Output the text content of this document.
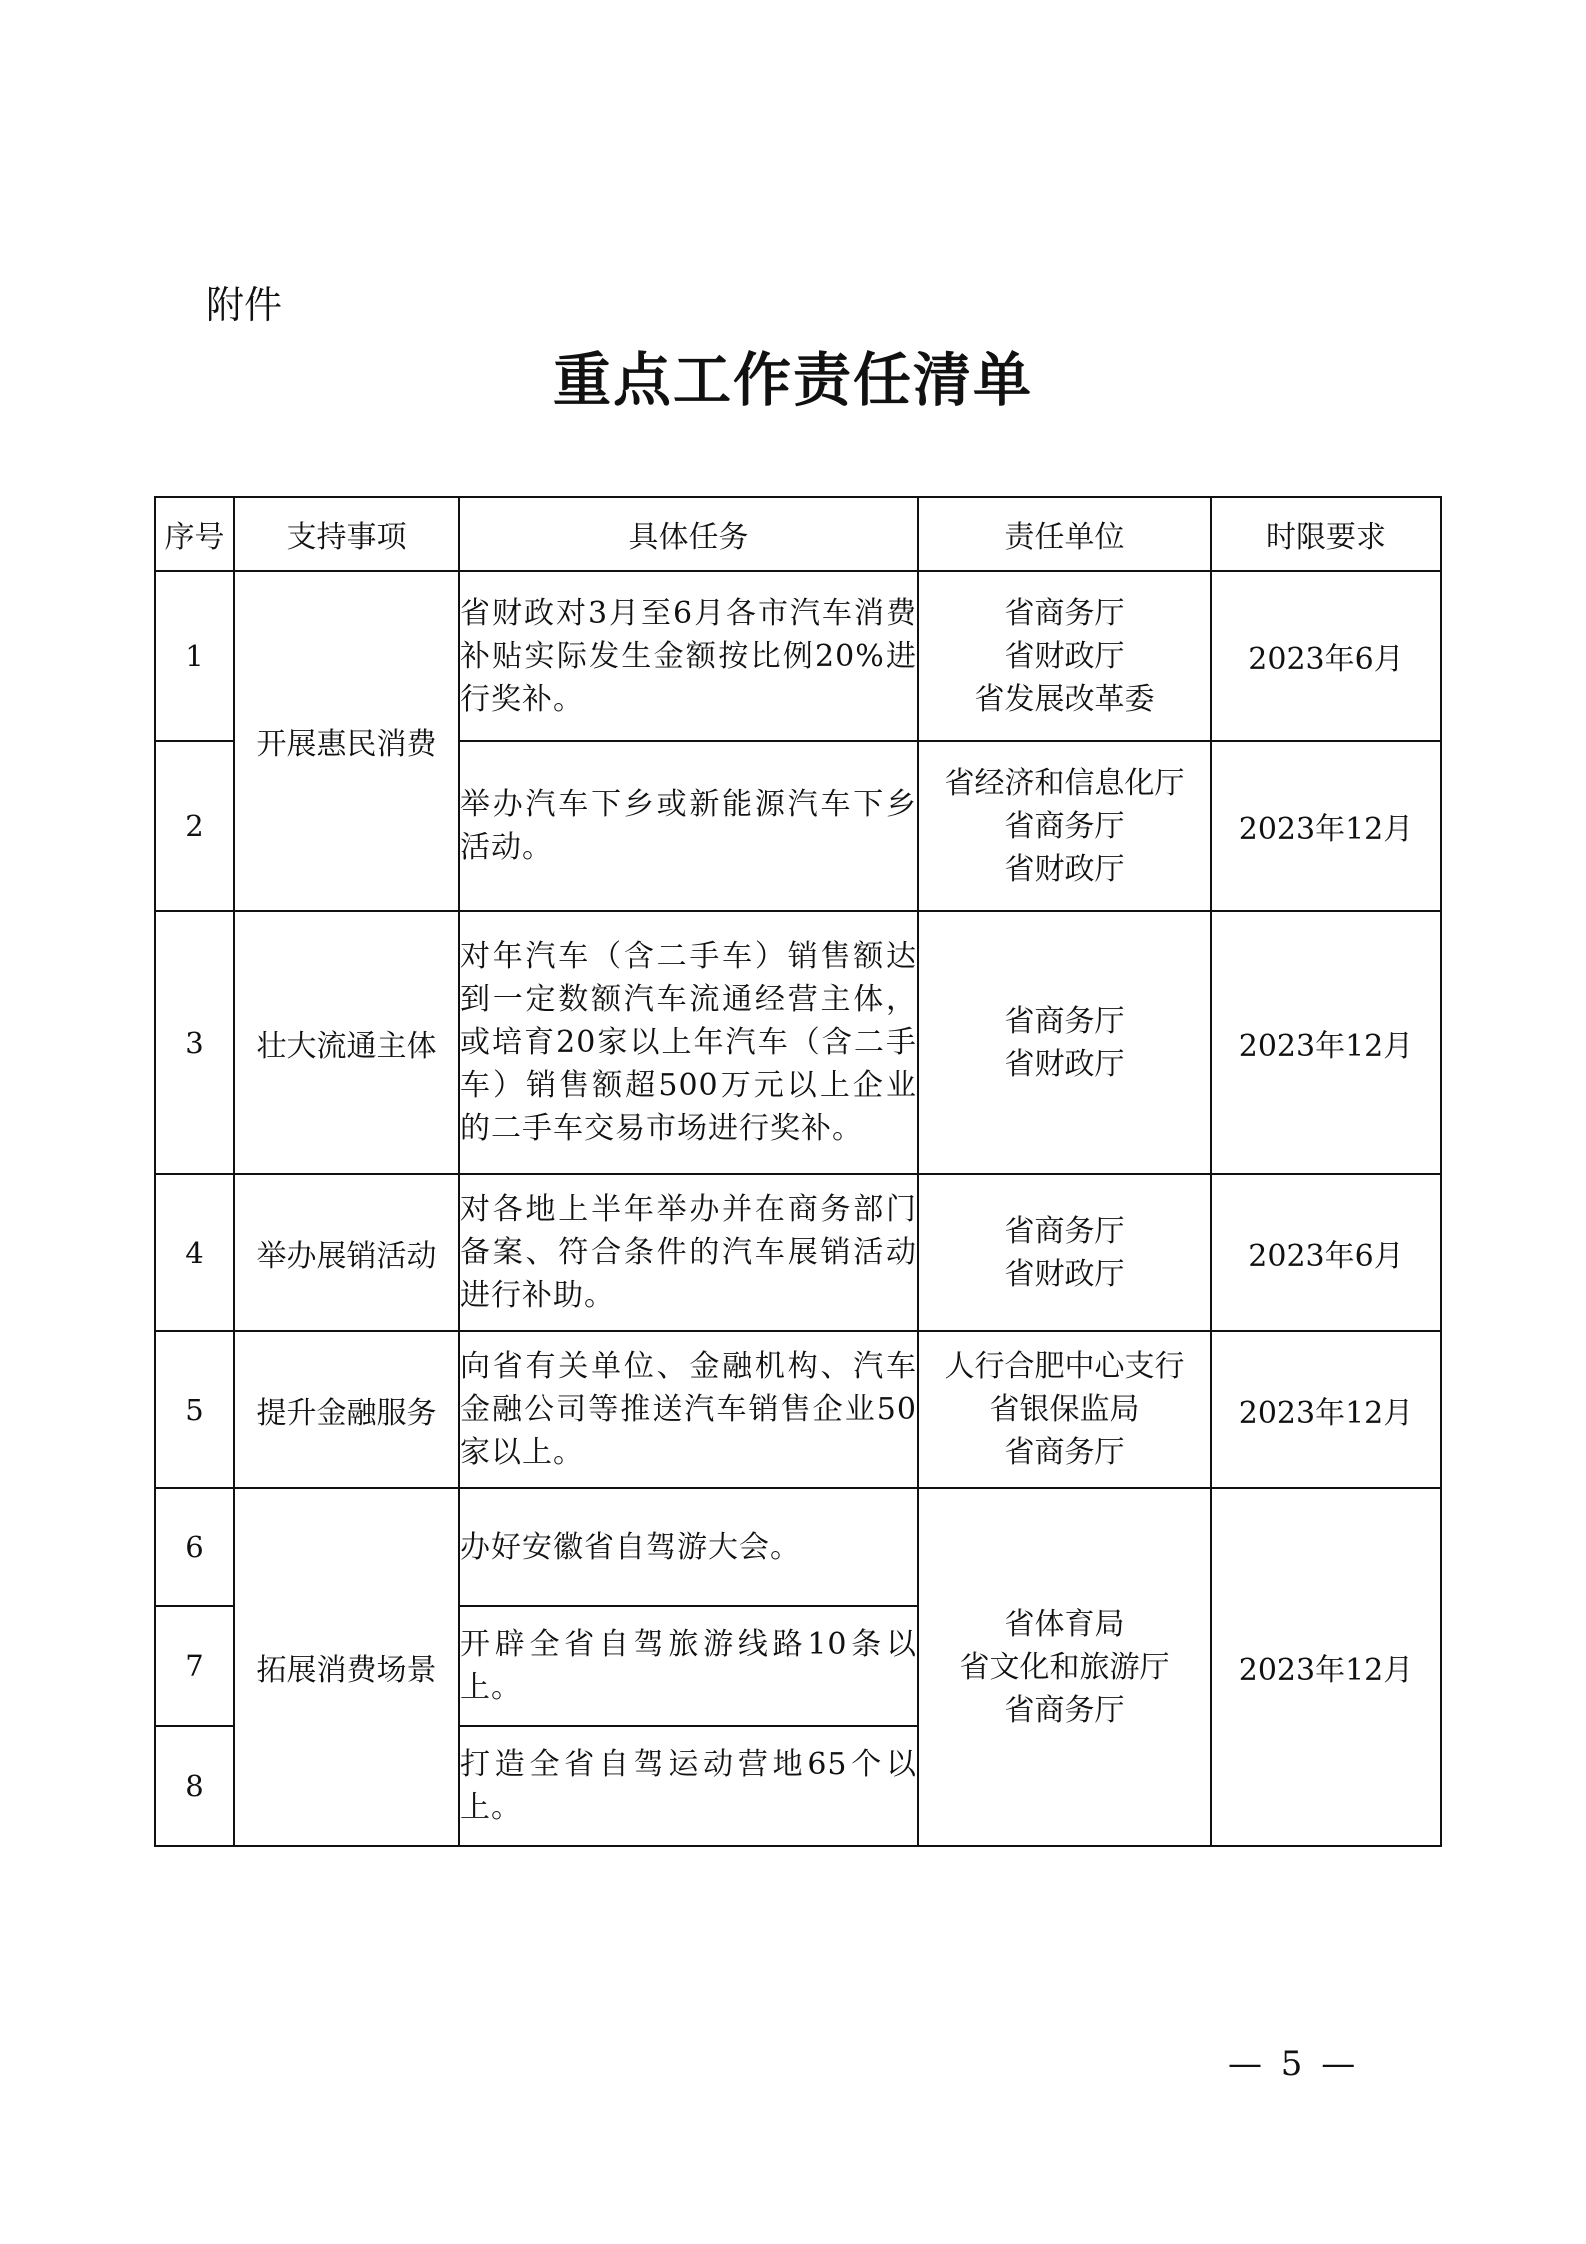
附件
重点工作责任清单
序号	支持事项	具体任务	责任单位	时限要求
1	开展惠民消费	省财政对3月至6月各市汽车消费补贴实际发生金额按比例20%进行奖补。	省商务厅
省财政厅
省发展改革委	2023年6月
2		举办汽车下乡或新能源汽车下乡活动。	省经济和信息化厅
省商务厅
省财政厅	2023年12月
3	壮大流通主体	对年汽车（含二手车）销售额达到一定数额汽车流通经营主体，或培育20家以上年汽车（含二手车）销售额超500万元以上企业的二手车交易市场进行奖补。	省商务厅
省财政厅	2023年12月
4	举办展销活动	对各地上半年举办并在商务部门备案、符合条件的汽车展销活动进行补助。	省商务厅
省财政厅	2023年6月
5	提升金融服务	向省有关单位、金融机构、汽车金融公司等推送汽车销售企业50家以上。	人行合肥中心支行
省银保监局
省商务厅	2023年12月
6	拓展消费场景	办好安徽省自驾游大会。	省体育局
省文化和旅游厅
省商务厅	2023年12月
7		开辟全省自驾旅游线路10条以上。		
8		打造全省自驾运动营地65个以上。		
— 5 —
